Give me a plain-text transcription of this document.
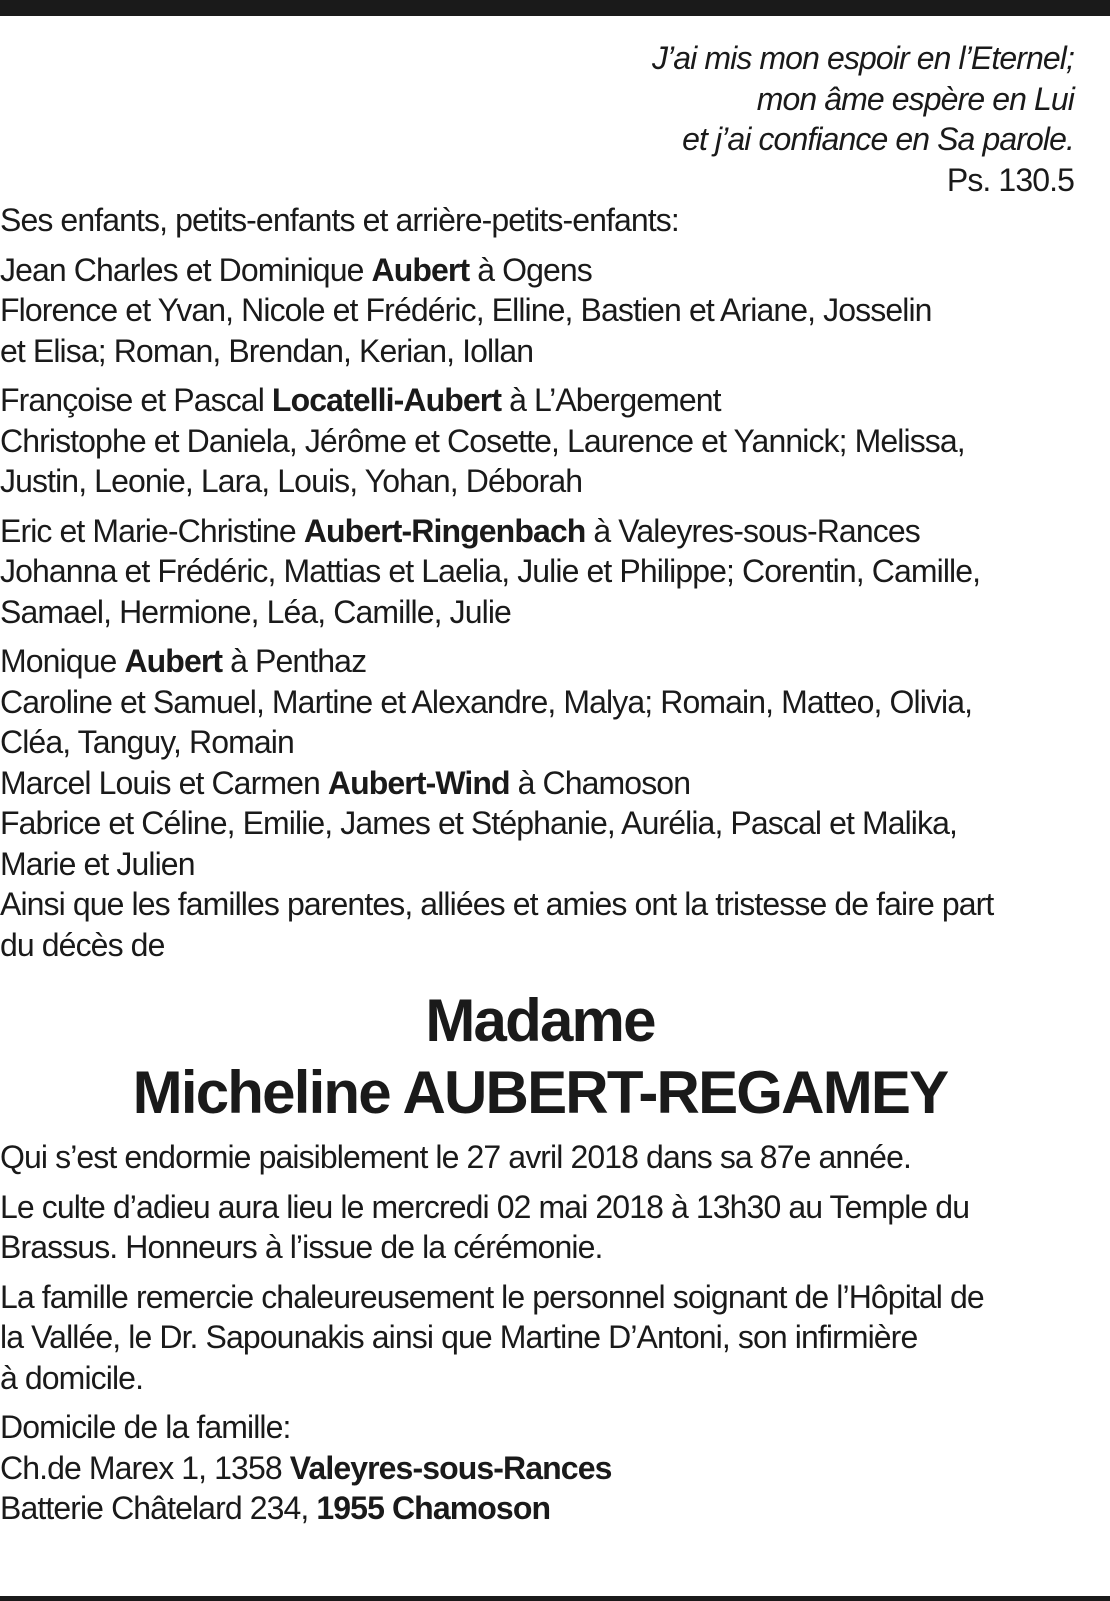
J’ai mis mon espoir en l’Eternel;
mon âme espère en Lui
et j’ai confiance en Sa parole.
Ps. 130.5
Ses enfants, petits-enfants et arrière-petits-enfants:
Jean Charles et Dominique Aubert à Ogens
Florence et Yvan, Nicole et Frédéric, Elline, Bastien et Ariane, Josselin
et Elisa; Roman, Brendan, Kerian, Iollan
Françoise et Pascal Locatelli-Aubert à L’Abergement
Christophe et Daniela, Jérôme et Cosette, Laurence et Yannick; Melissa,
Justin, Leonie, Lara, Louis, Yohan, Déborah
Eric et Marie-Christine Aubert-Ringenbach à Valeyres-sous-Rances
Johanna et Frédéric, Mattias et Laelia, Julie et Philippe; Corentin, Camille,
Samael, Hermione, Léa, Camille, Julie
Monique Aubert à Penthaz
Caroline et Samuel, Martine et Alexandre, Malya; Romain, Matteo, Olivia,
Cléa, Tanguy, Romain
Marcel Louis et Carmen Aubert-Wind à Chamoson
Fabrice et Céline, Emilie, James et Stéphanie, Aurélia, Pascal et Malika,
Marie et Julien
Ainsi que les familles parentes, alliées et amies ont la tristesse de faire part
du décès de
Madame
Micheline AUBERT-REGAMEY
Qui s’est endormie paisiblement le 27 avril 2018 dans sa 87e année.
Le culte d’adieu aura lieu le mercredi 02 mai 2018 à 13h30 au Temple du
Brassus. Honneurs à l’issue de la cérémonie.
La famille remercie chaleureusement le personnel soignant de l’Hôpital de
la Vallée, le Dr. Sapounakis ainsi que Martine D’Antoni, son infirmière
à domicile.
Domicile de la famille:
Ch.de Marex 1, 1358 Valeyres-sous-Rances
Batterie Châtelard 234, 1955 Chamoson
